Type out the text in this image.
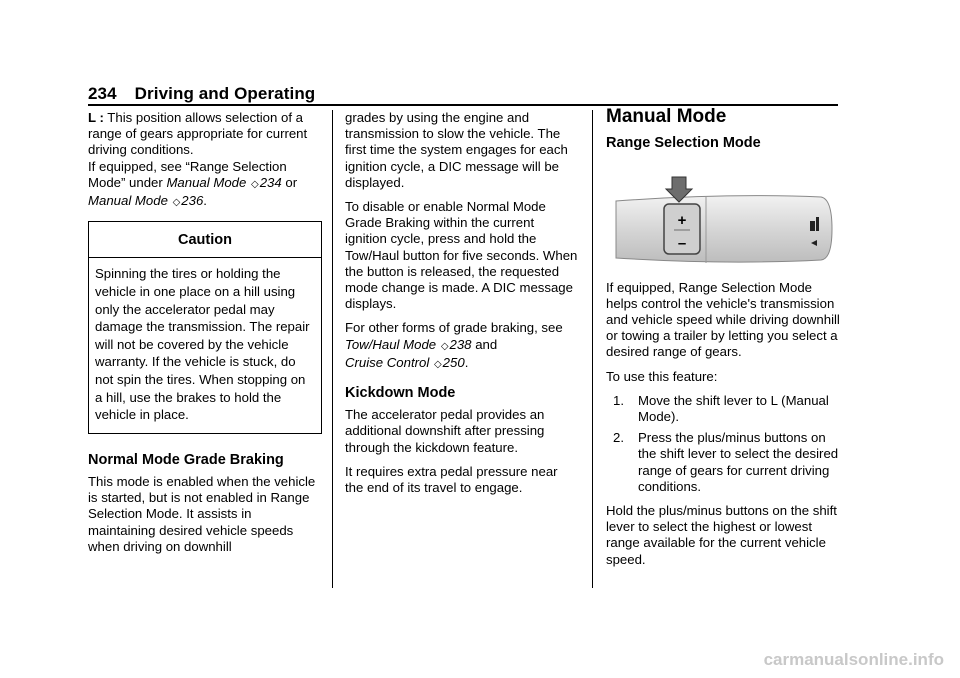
234 Driving and Operating

L : This position allows selection of a range of gears appropriate for current driving conditions.
If equipped, see “Range Selection Mode” under Manual Mode ◇234 or Manual Mode ◇236.

Caution
Spinning the tires or holding the vehicle in one place on a hill using only the accelerator pedal may damage the transmission. The repair will not be covered by the vehicle warranty. If the vehicle is stuck, do not spin the tires. When stopping on a hill, use the brakes to hold the vehicle in place.
Normal Mode Grade Braking

This mode is enabled when the vehicle is started, but is not enabled in Range Selection Mode. It assists in maintaining desired vehicle speeds when driving on downhill

grades by using the engine and transmission to slow the vehicle. The first time the system engages for each ignition cycle, a DIC message will be displayed.

To disable or enable Normal Mode Grade Braking within the current ignition cycle, press and hold the Tow/Haul button for five seconds. When the button is released, the requested mode change is made. A DIC message displays.

For other forms of grade braking, see Tow/Haul Mode ◇238 and
Cruise Control ◇250.

Kickdown Mode

The accelerator pedal provides an additional downshift after pressing through the kickdown feature.

It requires extra pedal pressure near the end of its travel to engage.

Manual Mode
Range Selection Mode
+
–

If equipped, Range Selection Mode helps control the vehicle's transmission and vehicle speed while driving downhill or towing a trailer by letting you select a desired range of gears.

To use this feature:

1. Move the shift lever to L (Manual Mode).
2. Press the plus/minus buttons on the shift lever to select the desired range of gears for current driving conditions.

Hold the plus/minus buttons on the shift lever to select the highest or lowest range available for the current vehicle speed.

carmanualsonline.info
